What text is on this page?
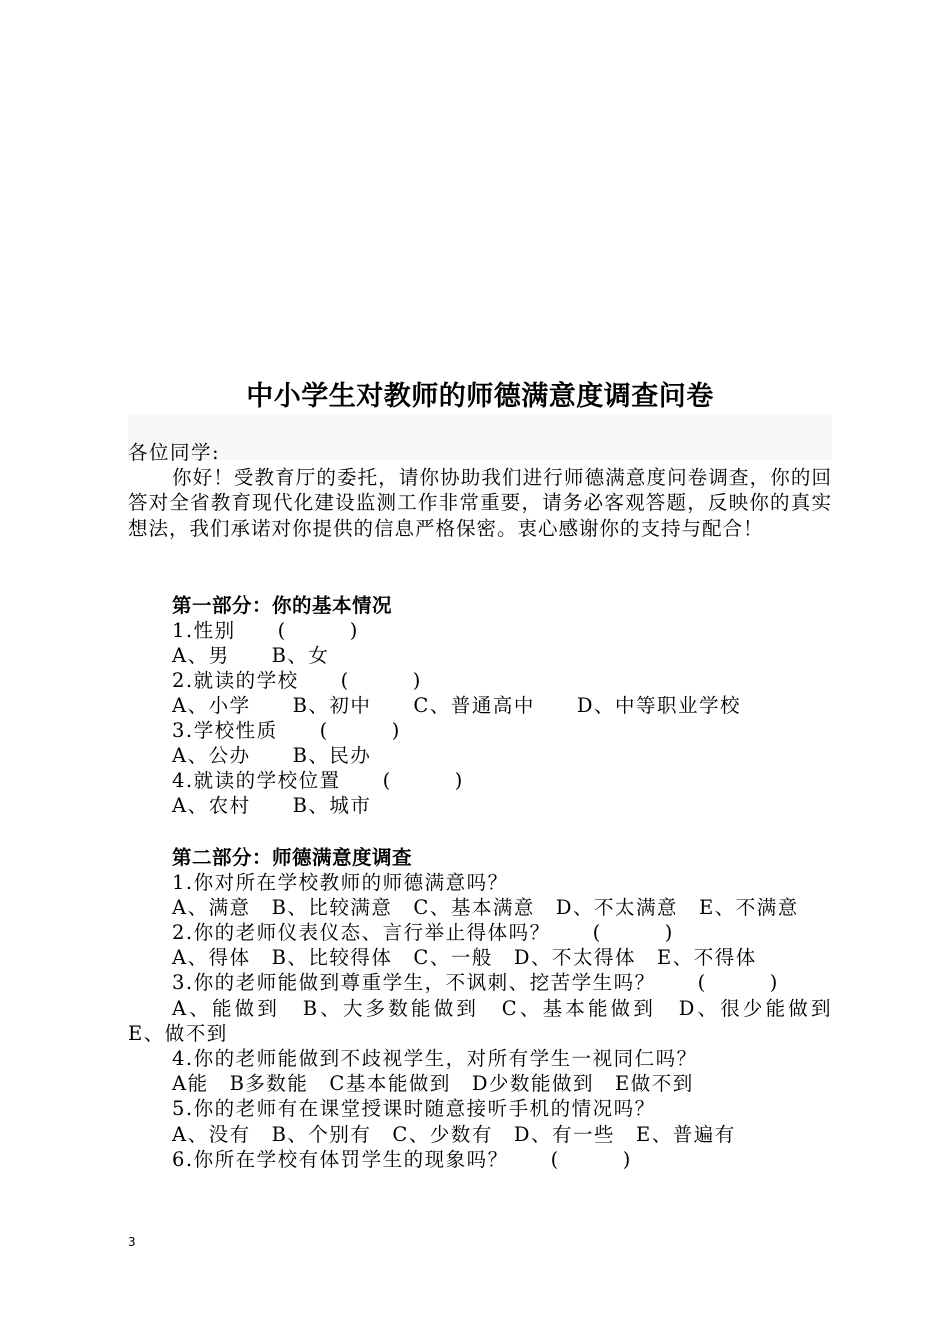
中小学生对教师的师德满意度调查问卷
各位同学:
你好！受教育厅的委托，请你协助我们进行师德满意度问卷调查，你的回答对全省教育现代化建设监测工作非常重要，请务必客观答题，反映你的真实想法，我们承诺对你提供的信息严格保密。衷心感谢你的支持与配合！
第一部分：你的基本情况
1.性别　　(　　　)
A、男　　B、女
2.就读的学校　　(　　　)
A、小学　　B、初中　　C、普通高中　　D、中等职业学校
3.学校性质　　(　　　)
A、公办　　B、民办
4.就读的学校位置　　(　　　)
A、农村　　B、城市
第二部分：师德满意度调查
1.你对所在学校教师的师德满意吗？
A、满意　B、比较满意　C、基本满意　D、不太满意　E、不满意
2.你的老师仪表仪态、言行举止得体吗？　　(　　　)
A、得体　B、比较得体　C、一般　D、不太得体　E、不得体
3.你的老师能做到尊重学生，不讽刺、挖苦学生吗？　　(　　　)
A、能做到　B、大多数能做到　C、基本能做到　D、很少能做到　E、做不到
4.你的老师能做到不歧视学生，对所有学生一视同仁吗？
A能　B多数能　C基本能做到　D少数能做到　E做不到
5.你的老师有在课堂授课时随意接听手机的情况吗？
A、没有　B、个别有　C、少数有　D、有一些　E、普遍有
6.你所在学校有体罚学生的现象吗？　　(　　　)
3
